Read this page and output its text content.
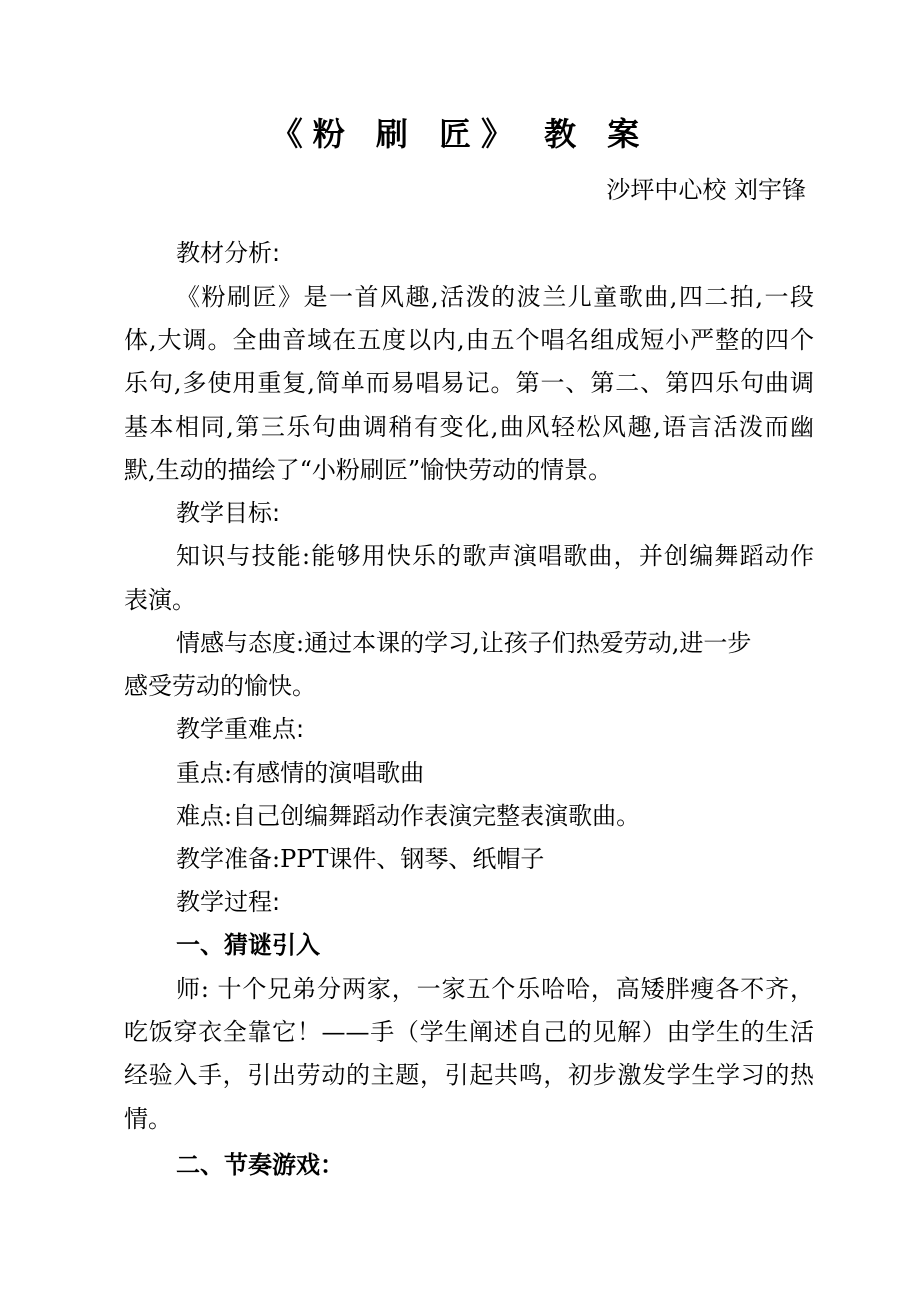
《粉 刷 匠》 教 案
沙坪中心校 刘宇锋
教材分析:
《粉刷匠》是一首风趣,活泼的波兰儿童歌曲,四二拍,一段
体,大调。全曲音域在五度以内,由五个唱名组成短小严整的四个
乐句,多使用重复,简单而易唱易记。第一、第二、第四乐句曲调
基本相同,第三乐句曲调稍有变化,曲风轻松风趣,语言活泼而幽
默,生动的描绘了“小粉刷匠”愉快劳动的情景。
教学目标:
知识与技能:能够用快乐的歌声演唱歌曲，并创编舞蹈动作
表演。
情感与态度:通过本课的学习,让孩子们热爱劳动,进一步
感受劳动的愉快。
教学重难点:
重点:有感情的演唱歌曲
难点:自己创编舞蹈动作表演完整表演歌曲。
教学准备:PPT课件、钢琴、纸帽子
教学过程:
一、猜谜引入
师: 十个兄弟分两家，一家五个乐哈哈，高矮胖瘦各不齐，
吃饭穿衣全靠它！——手（学生阐述自己的见解）由学生的生活
经验入手，引出劳动的主题，引起共鸣，初步激发学生学习的热
情。
二、节奏游戏：
